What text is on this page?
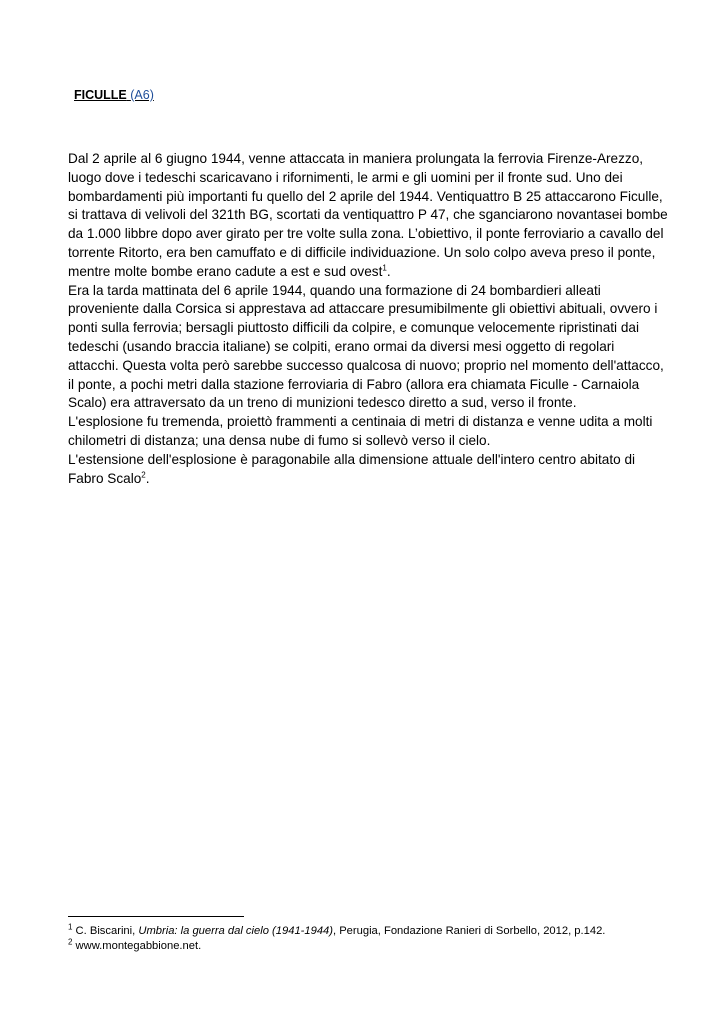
FICULLE (A6)

Dal 2 aprile al 6 giugno 1944, venne attaccata in maniera prolungata la ferrovia Firenze-Arezzo, luogo dove i tedeschi scaricavano i rifornimenti, le armi e gli uomini per il fronte sud. Uno dei bombardamenti più importanti fu quello del 2 aprile del 1944. Ventiquattro B 25 attaccarono Ficulle, si trattava di velivoli del 321th BG, scortati da ventiquattro P 47, che sganciarono novantasei bombe da 1.000 libbre dopo aver girato per tre volte sulla zona. L’obiettivo, il ponte ferroviario a cavallo del torrente Ritorto, era ben camuffato e di difficile individuazione. Un solo colpo aveva preso il ponte, mentre molte bombe erano cadute a est e sud ovest$^1$.

Era la tarda mattinata del 6 aprile 1944, quando una formazione di 24 bombardieri alleati proveniente dalla Corsica si apprestava ad attaccare presumibilmente gli obiettivi abituali, ovvero i ponti sulla ferrovia; bersagli piuttosto difficili da colpire, e comunque velocemente ripristinati dai tedeschi (usando braccia italiane) se colpiti, erano ormai da diversi mesi oggetto di regolari attacchi. Questa volta però sarebbe successo qualcosa di nuovo; proprio nel momento dell'attacco, il ponte, a pochi metri dalla stazione ferroviaria di Fabro (allora era chiamata Ficulle - Carnaiola Scalo) era attraversato da un treno di munizioni tedesco diretto a sud, verso il fronte.

L'esplosione fu tremenda, proiettò frammenti a centinaia di metri di distanza e venne udita a molti chilometri di distanza; una densa nube di fumo si sollevò verso il cielo.

L'estensione dell'esplosione è paragonabile alla dimensione attuale dell'intero centro abitato di Fabro Scalo$^2$.

$^1$ C. Biscarini, Umbria: la guerra dal cielo (1941-1944), Perugia, Fondazione Ranieri di Sorbello, 2012, p.142.

$^2$ www.montegabbione.net.
